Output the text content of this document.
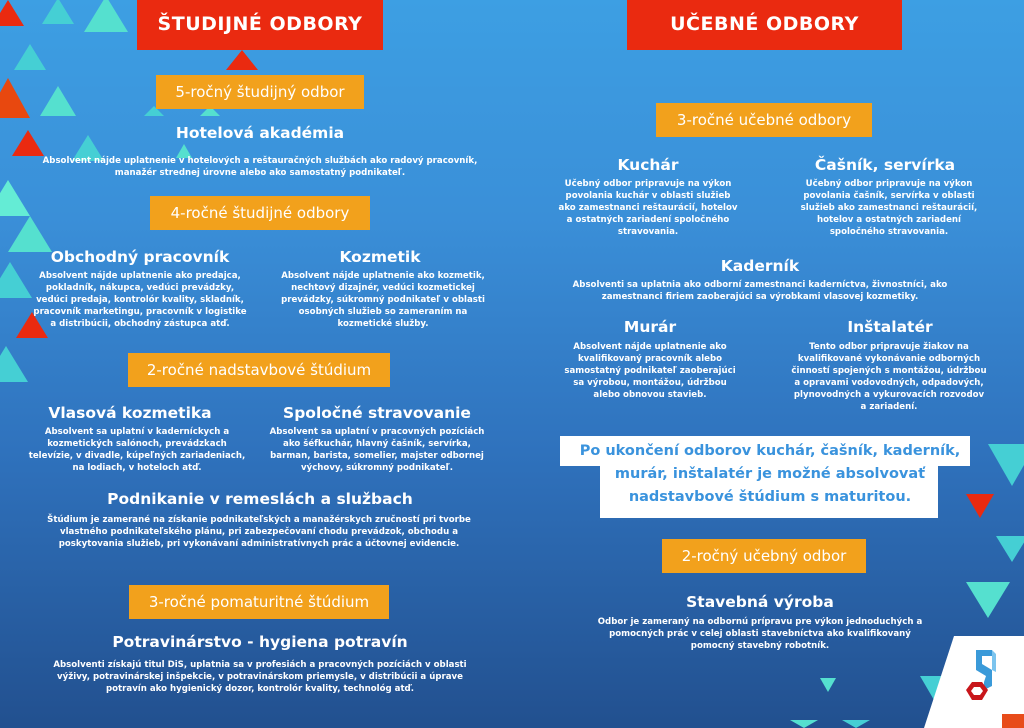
ŠTUDIJNÉ ODBORY
5-ročný študijný odbor
Hotelová akadémia
Absolvent nájde uplatnenie v hotelových a reštauračných službách ako radový pracovník, manažér strednej úrovne alebo ako samostatný podnikateľ.
4-ročné študijné odbory
Obchodný pracovník
Absolvent nájde uplatnenie ako predajca, pokladník, nákupca, vedúci prevádzky, vedúci predaja, kontrolór kvality, skladník, pracovník marketingu, pracovník v logistike a distribúcii, obchodný zástupca atď.
Kozmetik
Absolvent nájde uplatnenie ako kozmetik, nechtový dizajnér, vedúci kozmetickej prevádzky, súkromný podnikateľ v oblasti osobných služieb so zameraním na kozmetické služby.
2-ročné nadstavbové štúdium
Vlasová kozmetika
Absolvent sa uplatní v kaderníckych a kozmetických salónoch, prevádzkach televízie, v divadle, kúpeľných zariadeniach, na lodiach, v hoteloch atď.
Spoločné stravovanie
Absolvent sa uplatní v pracovných pozíciách ako šéfkuchár, hlavný čašník, servírka, barman, barista, somelier, majster odbornej výchovy, súkromný podnikateľ.
Podnikanie v remeslách a službach
Štúdium je zamerané na získanie podnikateľských a manažérskych zručností pri tvorbe vlastného podnikateľského plánu, pri zabezpečovaní chodu prevádzok, obchodu a poskytovania služieb, pri vykonávaní administratívnych prác a účtovnej evidencie.
3-ročné pomaturitné štúdium
Potravinárstvo - hygiena potravín
Absolventi získajú titul DiS, uplatnia sa v profesiách a pracovných pozíciách v oblasti výživy, potravinárskej inšpekcie, v potravinárskom priemysle, v distribúcii a úprave potravín ako hygienický dozor, kontrolór kvality, technológ atď.
UČEBNÉ ODBORY
3-ročné učebné odbory
Kuchár
Učebný odbor pripravuje na výkon povolania kuchár v oblasti služieb ako zamestnanci reštaurácií, hotelov a ostatných zariadení spoločného stravovania.
Čašník, servírka
Učebný odbor pripravuje na výkon povolania čašník, servírka v oblasti služieb ako zamestnanci reštaurácií, hotelov a ostatných zariadení spoločného stravovania.
Kaderník
Absolventi sa uplatnia ako odborní zamestnanci kaderníctva, živnostníci, ako zamestnanci firiem zaoberajúci sa výrobkami vlasovej kozmetiky.
Murár
Absolvent nájde uplatnenie ako kvalifikovaný pracovník alebo samostatný podnikateľ zaoberajúci sa výrobou, montážou, údržbou alebo obnovou stavieb.
Inštalatér
Tento odbor pripravuje žiakov na kvalifikované vykonávanie odborných činností spojených s montážou, údržbou a opravami vodovodných, odpadových, plynovodných a vykurovacích rozvodov a zariadení.
Po ukončení odborov kuchár, čašník, kaderník, murár, inštalatér je možné absolvovať nadstavbové štúdium s maturitou.
2-ročný učebný odbor
Stavebná výroba
Odbor je zameraný na odbornú prípravu pre výkon jednoduchých a pomocných prác v celej oblasti stavebníctva ako kvalifikovaný pomocný stavebný robotník.
